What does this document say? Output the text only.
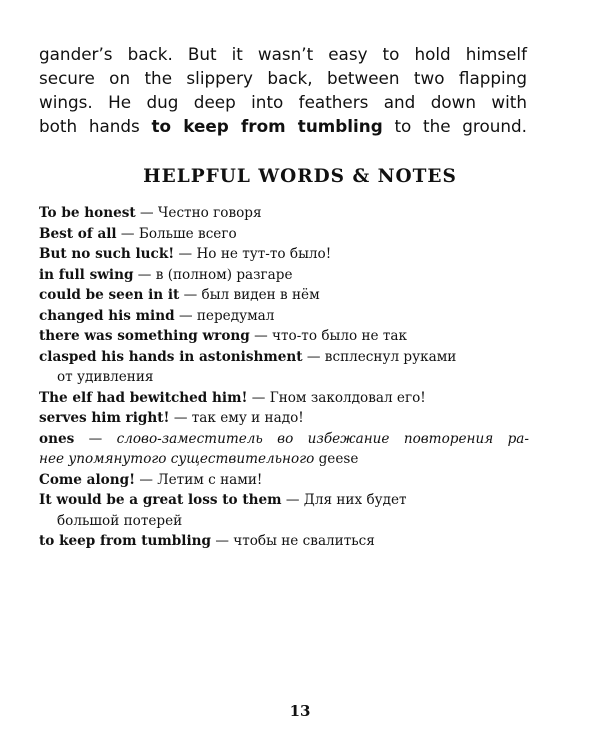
gander’s back. But it wasn’t easy to hold himself
secure on the slippery back, between two flapping
wings. He dug deep into feathers and down with
both hands to keep from tumbling to the ground.
HELPFUL WORDS & NOTES
To be honest — Честно говоря
Best of all — Больше всего
But no such luck! — Но не тут-то было!
in full swing — в (полном) разгаре
could be seen in it — был виден в нём
changed his mind — передумал
there was something wrong — что-то было не так
clasped his hands in astonishment — всплеснул руками
от удивления
The elf had bewitched him! — Гном заколдовал его!
serves him right! — так ему и надо!
ones — слово-заместитель во избежание повторения ра-
нее упомянутого существительного geese
Come along! — Летим с нами!
It would be a great loss to them — Для них будет
большой потерей
to keep from tumbling — чтобы не свалиться
13
